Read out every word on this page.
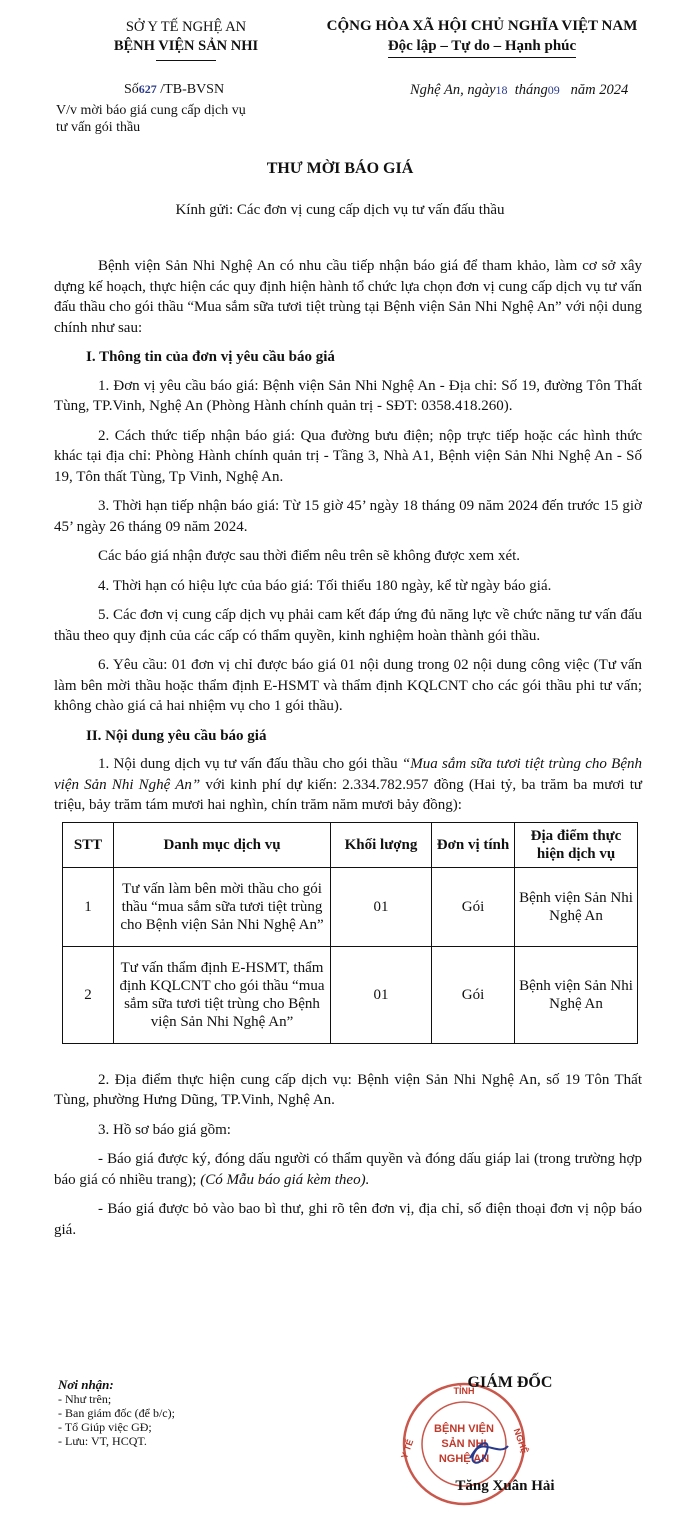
SỞ Y TẾ NGHỆ AN
BỆNH VIỆN SẢN NHI
CỘNG HÒA XÃ HỘI CHỦ NGHĨA VIỆT NAM
Độc lập – Tự do – Hạnh phúc
Số627 /TB-BVSN	Nghệ An, ngày18 tháng09 năm 2024
V/v mời báo giá cung cấp dịch vụ
tư vấn gói thầu
THƯ MỜI BÁO GIÁ
Kính gửi: Các đơn vị cung cấp dịch vụ tư vấn đấu thầu

Bệnh viện Sản Nhi Nghệ An có nhu cầu tiếp nhận báo giá để tham khảo, làm cơ sở xây dựng kế hoạch, thực hiện các quy định hiện hành tổ chức lựa chọn đơn vị cung cấp dịch vụ tư vấn đấu thầu cho gói thầu “Mua sắm sữa tươi tiệt trùng tại Bệnh viện Sản Nhi Nghệ An” với nội dung chính như sau:

I. Thông tin của đơn vị yêu cầu báo giá

1. Đơn vị yêu cầu báo giá: Bệnh viện Sản Nhi Nghệ An - Địa chỉ: Số 19, đường Tôn Thất Tùng, TP.Vinh, Nghệ An (Phòng Hành chính quản trị - SĐT: 0358.418.260).

2. Cách thức tiếp nhận báo giá: Qua đường bưu điện; nộp trực tiếp hoặc các hình thức khác tại địa chỉ: Phòng Hành chính quản trị - Tầng 3, Nhà A1, Bệnh viện Sản Nhi Nghệ An - Số 19, Tôn thất Tùng, Tp Vinh, Nghệ An.

3. Thời hạn tiếp nhận báo giá: Từ 15 giờ 45’ ngày 18 tháng 09 năm 2024 đến trước 15 giờ 45’ ngày 26 tháng 09 năm 2024.

Các báo giá nhận được sau thời điểm nêu trên sẽ không được xem xét.

4. Thời hạn có hiệu lực của báo giá: Tối thiểu 180 ngày, kể từ ngày báo giá.

5. Các đơn vị cung cấp dịch vụ phải cam kết đáp ứng đủ năng lực về chức năng tư vấn đấu thầu theo quy định của các cấp có thẩm quyền, kinh nghiệm hoàn thành gói thầu.

6. Yêu cầu: 01 đơn vị chỉ được báo giá 01 nội dung trong 02 nội dung công việc (Tư vấn làm bên mời thầu hoặc thẩm định E-HSMT và thẩm định KQLCNT cho các gói thầu phi tư vấn; không chào giá cả hai nhiệm vụ cho 1 gói thầu).

II. Nội dung yêu cầu báo giá

1. Nội dung dịch vụ tư vấn đấu thầu cho gói thầu “Mua sắm sữa tươi tiệt trùng cho Bệnh viện Sản Nhi Nghệ An” với kinh phí dự kiến: 2.334.782.957 đồng (Hai tỷ, ba trăm ba mươi tư triệu, bảy trăm tám mươi hai nghìn, chín trăm năm mươi bảy đồng):

STT	Danh mục dịch vụ	Khối lượng	Đơn vị tính	Địa điểm thực hiện dịch vụ
1	Tư vấn làm bên mời thầu cho gói thầu “mua sắm sữa tươi tiệt trùng cho Bệnh viện Sản Nhi Nghệ An”	01	Gói	Bệnh viện Sản Nhi Nghệ An
2	Tư vấn thẩm định E-HSMT, thẩm định KQLCNT cho gói thầu “mua sắm sữa tươi tiệt trùng cho Bệnh viện Sản Nhi Nghệ An”	01	Gói	Bệnh viện Sản Nhi Nghệ An

2. Địa điểm thực hiện cung cấp dịch vụ: Bệnh viện Sản Nhi Nghệ An, số 19 Tôn Thất Tùng, phường Hưng Dũng, TP.Vinh, Nghệ An.

3. Hồ sơ báo giá gồm:

- Báo giá được ký, đóng dấu người có thẩm quyền và đóng dấu giáp lai (trong trường hợp báo giá có nhiều trang); (Có Mẫu báo giá kèm theo).

- Báo giá được bỏ vào bao bì thư, ghi rõ tên đơn vị, địa chỉ, số điện thoại đơn vị nộp báo giá.

Nơi nhận:
- Như trên;
- Ban giám đốc (để b/c);
- Tổ Giúp việc GĐ;
- Lưu: VT, HCQT.
TỈNH
Y TẾ	NGHỆ
BỆNH VIỆN
SẢN NHI
NGHỆ AN
GIÁM ĐỐC
Tăng Xuân Hải
